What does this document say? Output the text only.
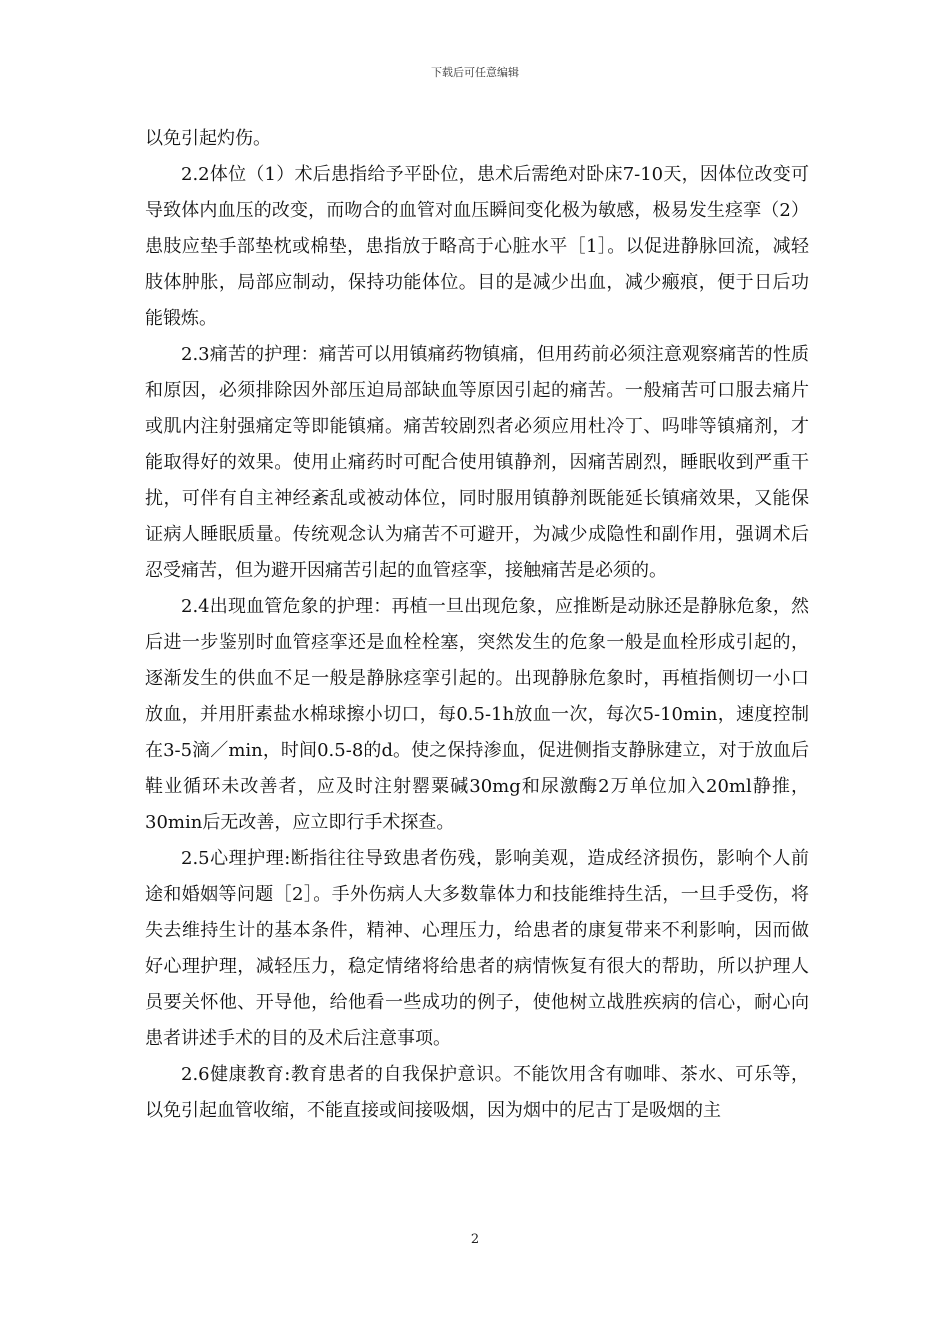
下载后可任意编辑

以免引起灼伤。

2.2体位（1）术后患指给予平卧位，患术后需绝对卧床7-10天，因体位改变可导致体内血压的改变，而吻合的血管对血压瞬间变化极为敏感，极易发生痉挛（2）患肢应垫手部垫枕或棉垫，患指放于略高于心脏水平［1］。以促进静脉回流，减轻肢体肿胀，局部应制动，保持功能体位。目的是减少出血，减少瘢痕，便于日后功能锻炼。

2.3痛苦的护理：痛苦可以用镇痛药物镇痛，但用药前必须注意观察痛苦的性质和原因，必须排除因外部压迫局部缺血等原因引起的痛苦。一般痛苦可口服去痛片或肌内注射强痛定等即能镇痛。痛苦较剧烈者必须应用杜冷丁、吗啡等镇痛剂，才能取得好的效果。使用止痛药时可配合使用镇静剂，因痛苦剧烈，睡眠收到严重干扰，可伴有自主神经紊乱或被动体位，同时服用镇静剂既能延长镇痛效果，又能保证病人睡眠质量。传统观念认为痛苦不可避开，为减少成隐性和副作用，强调术后忍受痛苦，但为避开因痛苦引起的血管痉挛，接触痛苦是必须的。

2.4出现血管危象的护理：再植一旦出现危象，应推断是动脉还是静脉危象，然后进一步鉴别时血管痉挛还是血栓栓塞，突然发生的危象一般是血栓形成引起的，逐渐发生的供血不足一般是静脉痉挛引起的。出现静脉危象时，再植指侧切一小口放血，并用肝素盐水棉球擦小切口，每0.5-1h放血一次，每次5-10min，速度控制在3-5滴／min，时间0.5-8的d。使之保持渗血，促进侧指支静脉建立，对于放血后鞋业循环未改善者，应及时注射罂粟碱30mg和尿激酶2万单位加入20ml静推，30min后无改善，应立即行手术探查。

2.5心理护理:断指往往导致患者伤残，影响美观，造成经济损伤，影响个人前途和婚姻等问题［2］。手外伤病人大多数靠体力和技能维持生活，一旦手受伤，将失去维持生计的基本条件，精神、心理压力，给患者的康复带来不利影响，因而做好心理护理，减轻压力，稳定情绪将给患者的病情恢复有很大的帮助，所以护理人员要关怀他、开导他，给他看一些成功的例子，使他树立战胜疾病的信心，耐心向患者讲述手术的目的及术后注意事项。

2.6健康教育:教育患者的自我保护意识。不能饮用含有咖啡、茶水、可乐等，以免引起血管收缩，不能直接或间接吸烟，因为烟中的尼古丁是吸烟的主

2
